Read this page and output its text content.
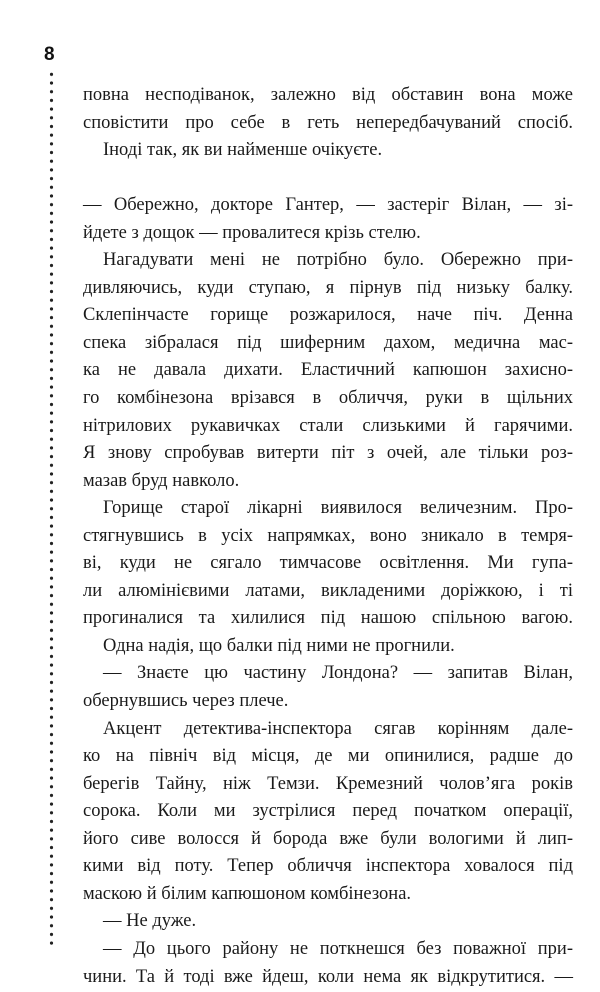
8
повна несподіванок, залежно від обставин вона може
сповістити про себе в геть непередбачуваний спосіб.
Іноді так, як ви найменше очікуєте.
— Обережно, докторе Гантер, — застеріг Вілан, — зі-
йдете з дощок — провалитеся крізь стелю.
Нагадувати мені не потрібно було. Обережно при-
дивляючись, куди ступаю, я пірнув під низьку балку.
Склепінчасте горище розжарилося, наче піч. Денна
спека зібралася під шиферним дахом, медична мас-
ка не давала дихати. Еластичний капюшон захисно-
го комбінезона врізався в обличчя, руки в щільних
нітрилових рукавичках стали слизькими й гарячими.
Я знову спробував витерти піт з очей, але тільки роз-
мазав бруд навколо.
Горище старої лікарні виявилося величезним. Про-
стягнувшись в усіх напрямках, воно зникало в темря-
ві, куди не сягало тимчасове освітлення. Ми гупа-
ли алюмінієвими латами, викладеними доріжкою, і ті
прогиналися та хилилися під нашою спільною вагою.
Одна надія, що балки під ними не прогнили.
— Знаєте цю частину Лондона? — запитав Вілан,
обернувшись через плече.
Акцент детектива-інспектора сягав корінням дале-
ко на північ від місця, де ми опинилися, радше до
берегів Тайну, ніж Темзи. Кремезний чолов’яга років
сорока. Коли ми зустрілися перед початком операції,
його сиве волосся й борода вже були вологими й лип-
кими від поту. Тепер обличчя інспектора ховалося під
маскою й білим капюшоном комбінезона.
— Не дуже.
— До цього району не поткнешся без поважної при-
чини. Та й тоді вже йдеш, коли нема як відкрутитися. —
